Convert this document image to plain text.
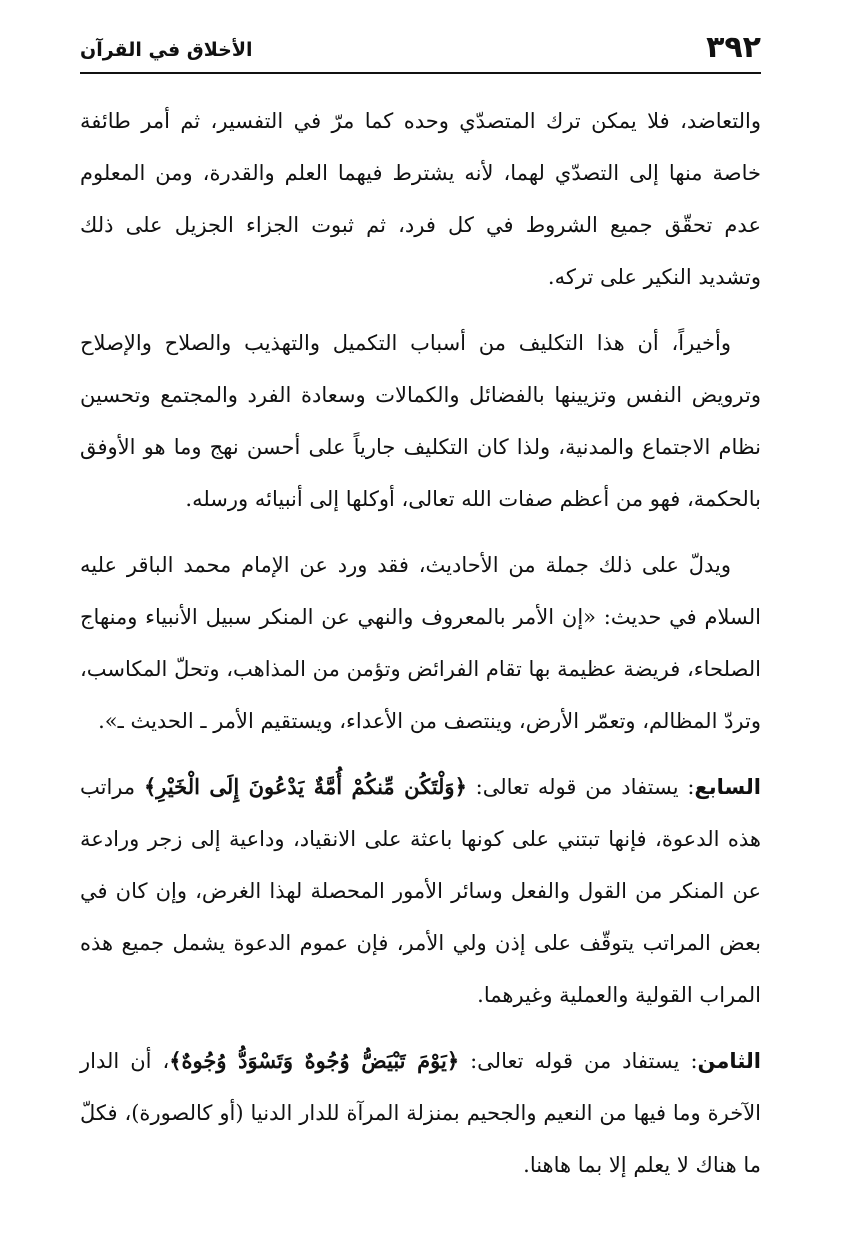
٣٩٢
الأخلاق في القرآن

والتعاضد، فلا يمكن ترك المتصدّي وحده كما مرّ في التفسير، ثم أمر طائفة خاصة منها إلى التصدّي لهما، لأنه يشترط فيهما العلم والقدرة، ومن المعلوم عدم تحقّق جميع الشروط في كل فرد، ثم ثبوت الجزاء الجزيل على ذلك وتشديد النكير على تركه.

وأخيراً، أن هذا التكليف من أسباب التكميل والتهذيب والصلاح والإصلاح وترويض النفس وتزيينها بالفضائل والكمالات وسعادة الفرد والمجتمع وتحسين نظام الاجتماع والمدنية، ولذا كان التكليف جارياً على أحسن نهج وما هو الأوفق بالحكمة، فهو من أعظم صفات الله تعالى، أوكلها إلى أنبيائه ورسله.

ويدلّ على ذلك جملة من الأحاديث، فقد ورد عن الإمام محمد الباقر عليه السلام في حديث: «إن الأمر بالمعروف والنهي عن المنكر سبيل الأنبياء ومنهاج الصلحاء، فريضة عظيمة بها تقام الفرائض وتؤمن من المذاهب، وتحلّ المكاسب، وتردّ المظالم، وتعمّر الأرض، وينتصف من الأعداء، ويستقيم الأمر ـ الحديث ـ».

السابع: يستفاد من قوله تعالى: ﴿وَلْتَكُن مِّنكُمْ أُمَّةٌ يَدْعُونَ إِلَى الْخَيْرِ﴾ مراتب هذه الدعوة، فإنها تبتني على كونها باعثة على الانقياد، وداعية إلى زجر ورادعة عن المنكر من القول والفعل وسائر الأمور المحصلة لهذا الغرض، وإن كان في بعض المراتب يتوقّف على إذن ولي الأمر، فإن عموم الدعوة يشمل جميع هذه المراب القولية والعملية وغيرهما.

الثامن: يستفاد من قوله تعالى: ﴿يَوْمَ تَبْيَضُّ وُجُوهٌ وَتَسْوَدُّ وُجُوهٌ﴾، أن الدار الآخرة وما فيها من النعيم والجحيم بمنزلة المرآة للدار الدنيا (أو كالصورة)، فكلّ ما هناك لا يعلم إلا بما هاهنا.
